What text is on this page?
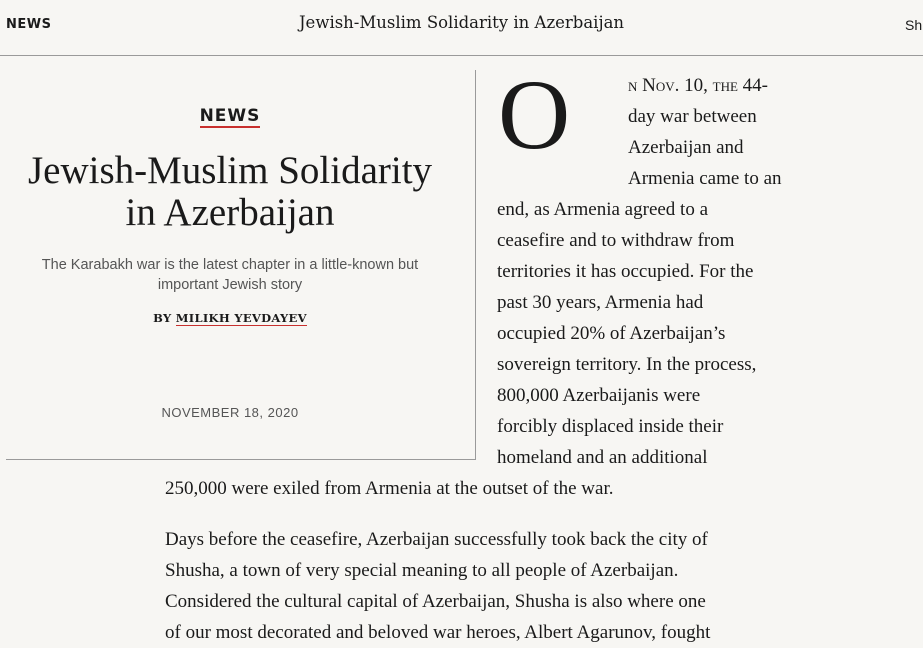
NEWS	Jewish-Muslim Solidarity in Azerbaijan	Sh
NEWS
Jewish-Muslim Solidarity
in Azerbaijan
The Karabakh war is the latest chapter in a little-known but
important Jewish story
BY MILIKH YEVDAYEV
NOVEMBER 18, 2020
O	n Nov. 10, the 44-
day war between
Azerbaijan and
Armenia came to an
end, as Armenia agreed to a
ceasefire and to withdraw from
territories it has occupied. For the
past 30 years, Armenia had
occupied 20% of Azerbaijan’s
sovereign territory. In the process,
800,000 Azerbaijanis were
forcibly displaced inside their
homeland and an additional
250,000 were exiled from Armenia at the outset of the war.
Days before the ceasefire, Azerbaijan successfully took back the city of
Shusha, a town of very special meaning to all people of Azerbaijan.
Considered the cultural capital of Azerbaijan, Shusha is also where one
of our most decorated and beloved war heroes, Albert Agarunov, fought
